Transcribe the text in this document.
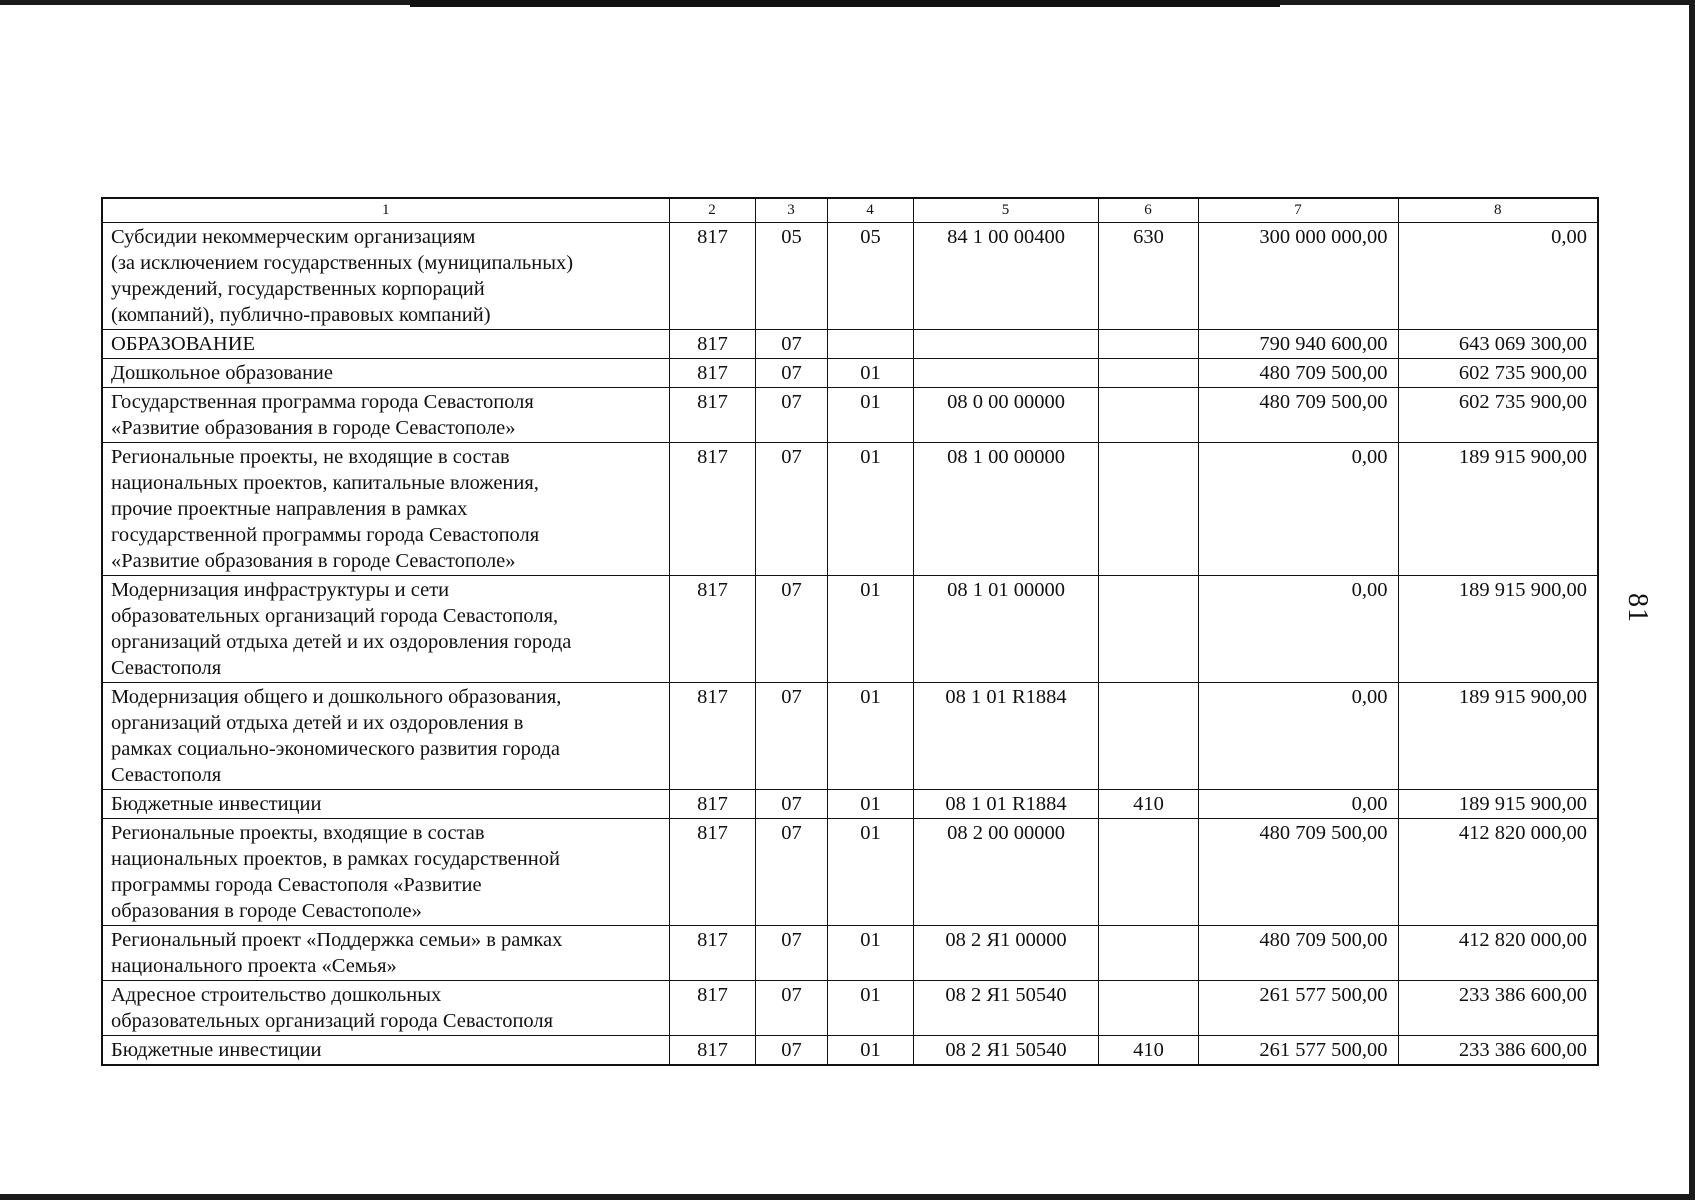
1	2	3	4	5	6	7	8
Субсидии некоммерческим организациям
(за исключением государственных (муниципальных)
учреждений, государственных корпораций
(компаний), публично-правовых компаний)	817	05	05	84 1 00 00400	630	300 000 000,00	0,00
ОБРАЗОВАНИЕ	817	07				790 940 600,00	643 069 300,00
Дошкольное образование	817	07	01			480 709 500,00	602 735 900,00
Государственная программа города Севастополя
«Развитие образования в городе Севастополе»	817	07	01	08 0 00 00000		480 709 500,00	602 735 900,00
Региональные проекты, не входящие в состав
национальных проектов, капитальные вложения,
прочие проектные направления в рамках
государственной программы города Севастополя
«Развитие образования в городе Севастополе»	817	07	01	08 1 00 00000		0,00	189 915 900,00
Модернизация инфраструктуры и сети
образовательных организаций города Севастополя,
организаций отдыха детей и их оздоровления города
Севастополя	817	07	01	08 1 01 00000		0,00	189 915 900,00
Модернизация общего и дошкольного образования,
организаций отдыха детей и их оздоровления в
рамках социально-экономического развития города
Севастополя	817	07	01	08 1 01 R1884		0,00	189 915 900,00
Бюджетные инвестиции	817	07	01	08 1 01 R1884	410	0,00	189 915 900,00
Региональные проекты, входящие в состав
национальных проектов, в рамках государственной
программы города Севастополя «Развитие
образования в городе Севастополе»	817	07	01	08 2 00 00000		480 709 500,00	412 820 000,00
Региональный проект «Поддержка семьи» в рамках
национального проекта «Семья»	817	07	01	08 2 Я1 00000		480 709 500,00	412 820 000,00
Адресное строительство дошкольных
образовательных организаций города Севастополя	817	07	01	08 2 Я1 50540		261 577 500,00	233 386 600,00
Бюджетные инвестиции	817	07	01	08 2 Я1 50540	410	261 577 500,00	233 386 600,00
81
